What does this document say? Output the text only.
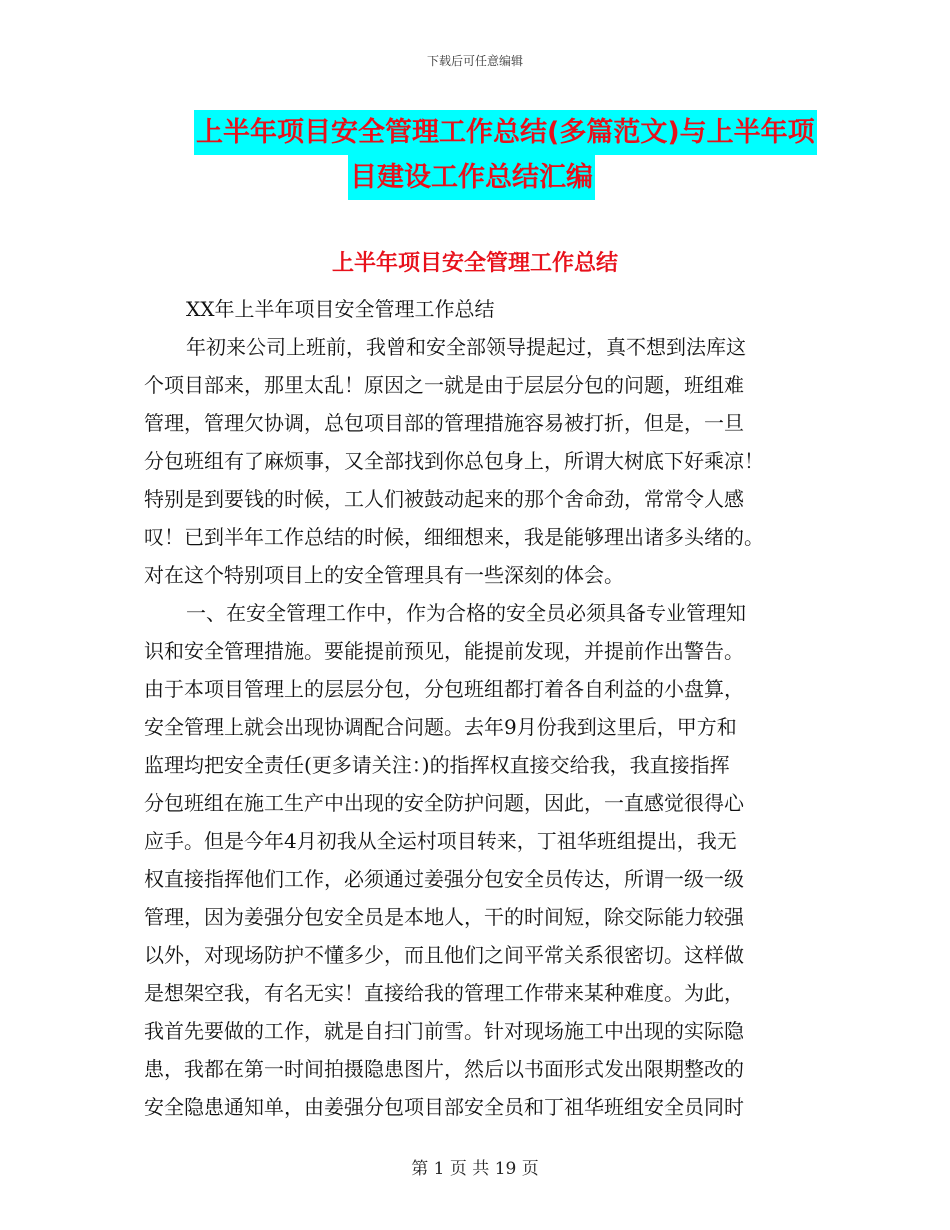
下载后可任意编辑
上半年项目安全管理工作总结(多篇范文)与上半年项
目建设工作总结汇编
上半年项目安全管理工作总结
XX年上半年项目安全管理工作总结
年初来公司上班前，我曾和安全部领导提起过，真不想到法库这
个项目部来，那里太乱！原因之一就是由于层层分包的问题，班组难
管理，管理欠协调，总包项目部的管理措施容易被打折，但是，一旦
分包班组有了麻烦事，又全部找到你总包身上，所谓大树底下好乘凉！
特别是到要钱的时候，工人们被鼓动起来的那个舍命劲，常常令人感
叹！已到半年工作总结的时候，细细想来，我是能够理出诸多头绪的。
对在这个特别项目上的安全管理具有一些深刻的体会。
一、在安全管理工作中，作为合格的安全员必须具备专业管理知
识和安全管理措施。要能提前预见，能提前发现，并提前作出警告。
由于本项目管理上的层层分包，分包班组都打着各自利益的小盘算，
安全管理上就会出现协调配合问题。去年9月份我到这里后，甲方和
监理均把安全责任(更多请关注：)的指挥权直接交给我，我直接指挥
分包班组在施工生产中出现的安全防护问题，因此，一直感觉很得心
应手。但是今年4月初我从全运村项目转来，丁祖华班组提出，我无
权直接指挥他们工作，必须通过姜强分包安全员传达，所谓一级一级
管理，因为姜强分包安全员是本地人，干的时间短，除交际能力较强
以外，对现场防护不懂多少，而且他们之间平常关系很密切。这样做
是想架空我，有名无实！直接给我的管理工作带来某种难度。为此，
我首先要做的工作，就是自扫门前雪。针对现场施工中出现的实际隐
患，我都在第一时间拍摄隐患图片，然后以书面形式发出限期整改的
安全隐患通知单，由姜强分包项目部安全员和丁祖华班组安全员同时
第 1 页 共 19 页
